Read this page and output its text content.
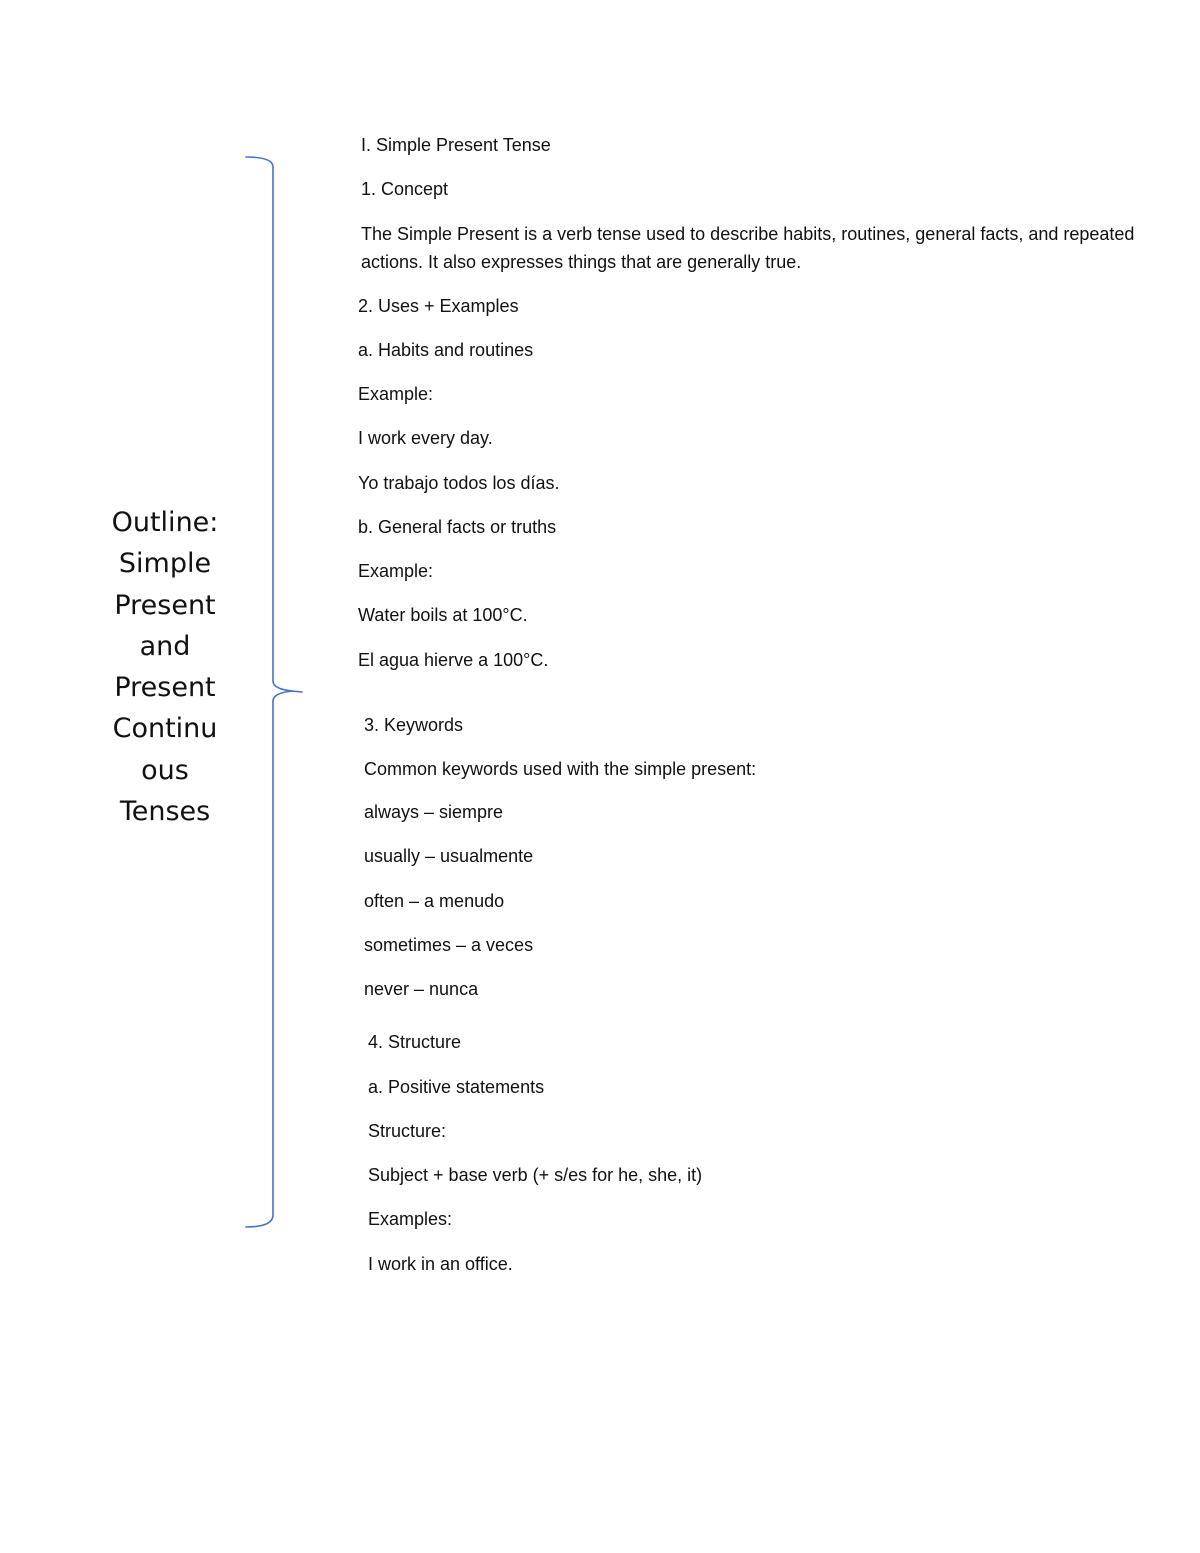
Outline:
Simple
Present
and
Present
Continu
ous
Tenses
I. Simple Present Tense
1. Concept
The Simple Present is a verb tense used to describe habits, routines, general facts, and repeated actions. It also expresses things that are generally true.
2. Uses + Examples
a. Habits and routines
Example:
I work every day.
Yo trabajo todos los días.
b. General facts or truths
Example:
Water boils at 100°C.
El agua hierve a 100°C.
3. Keywords
Common keywords used with the simple present:
always – siempre
usually – usualmente
often – a menudo
sometimes – a veces
never – nunca
4. Structure
a. Positive statements
Structure:
Subject + base verb (+ s/es for he, she, it)
Examples:
I work in an office.
